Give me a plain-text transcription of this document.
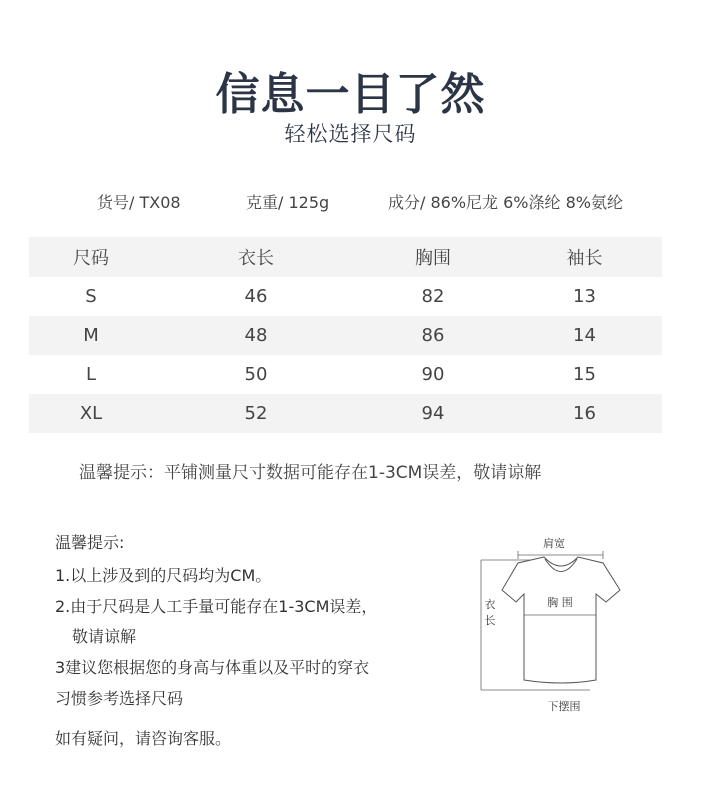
信息一目了然
轻松选择尺码
货号/ TX08	克重/ 125g	成分/ 86%尼龙 6%涤纶 8%氨纶
尺码	衣长	胸围	袖长
S	46	82	13
M	48	86	14
L	50	90	15
XL	52	94	16
温馨提示：平铺测量尺寸数据可能存在1-3CM误差，敬请谅解
温馨提示:
1.以上涉及到的尺码均为CM。
2.由于尺码是人工手量可能存在1-3CM误差，
敬请谅解
3建议您根据您的身高与体重以及平时的穿衣
习惯参考选择尺码
如有疑问，请咨询客服。
肩宽
胸 围
衣
长
下摆围
